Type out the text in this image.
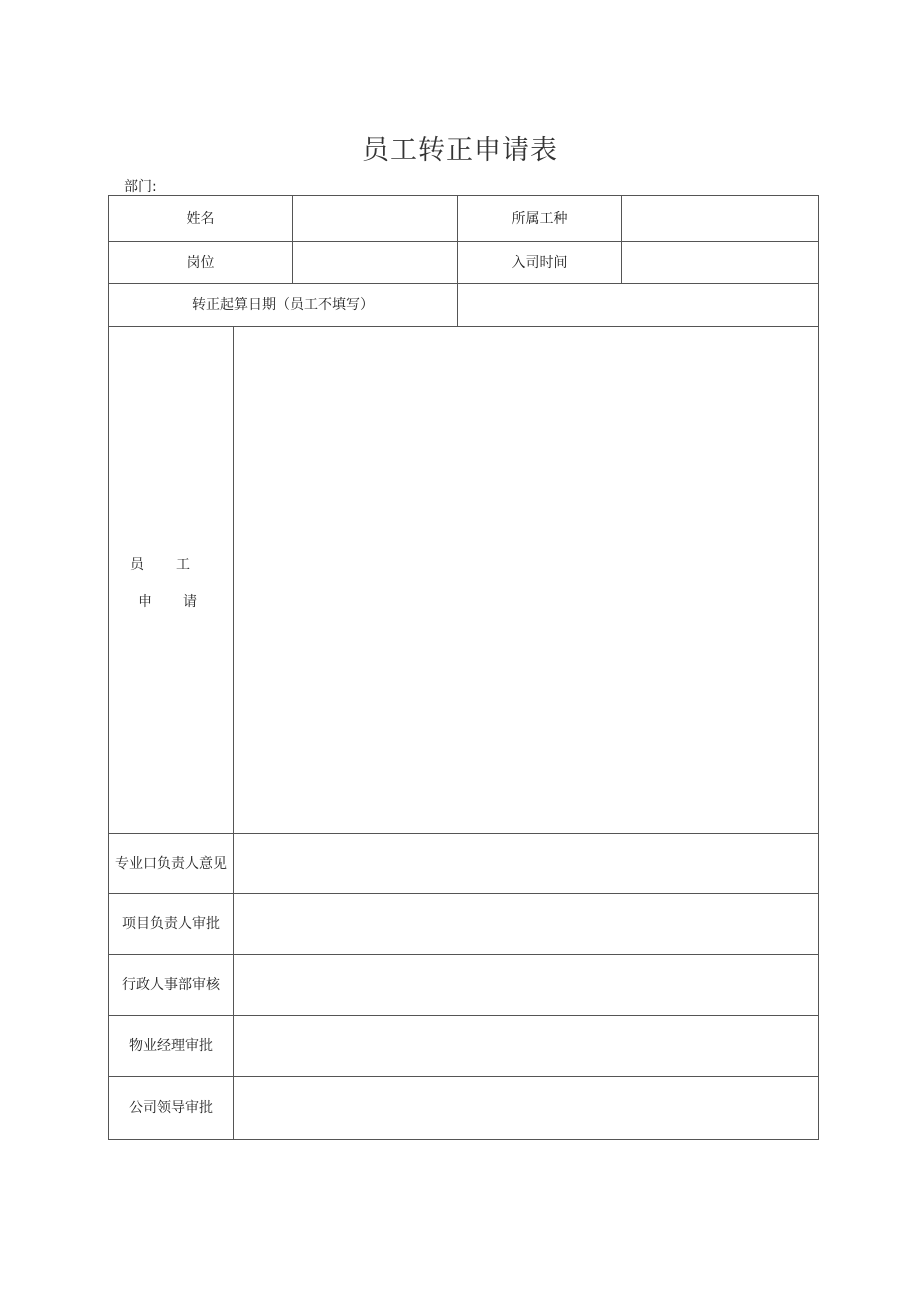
员工转正申请表
部门:
姓名	所属工种
岗位	入司时间
转正起算日期（员工不填写）
员 工
申 请
专业口负责人意见
项目负责人审批
行政人事部审核
物业经理审批
公司领导审批
